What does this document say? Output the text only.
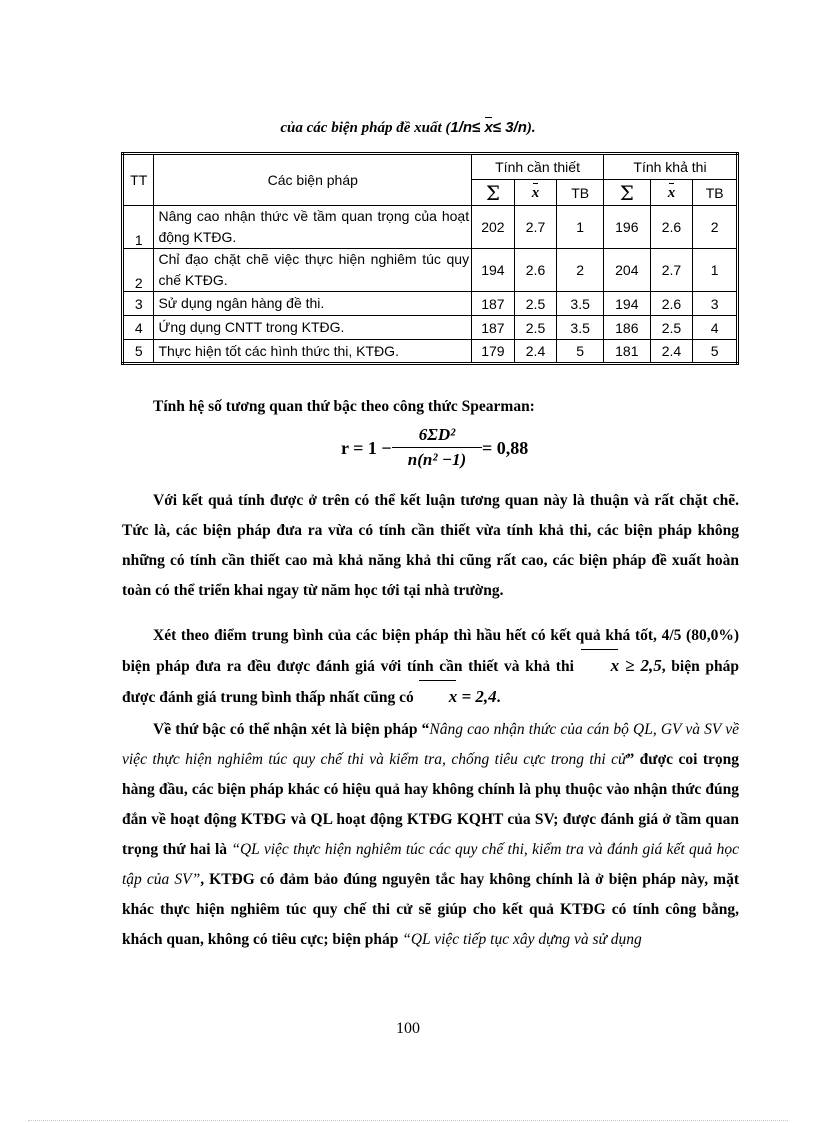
của các biện pháp đề xuất (1/n≤ x≤ 3/n).
TT	Các biện pháp	Tính cần thiết			Tính khả thi		
		Σ	x	TB	Σ	x	TB
1	Nâng cao nhận thức về tầm quan trọng của hoạt động KTĐG.	202	2.7	1	196	2.6	2
2	Chỉ đạo chặt chẽ việc thực hiện nghiêm túc quy chế KTĐG.	194	2.6	2	204	2.7	1
3	Sử dụng ngân hàng đề thi.	187	2.5	3.5	194	2.6	3
4	Ứng dụng CNTT trong KTĐG.	187	2.5	3.5	186	2.5	4
5	Thực hiện tốt các hình thức thi, KTĐG.	179	2.4	5	181	2.4	5

Tính hệ số tương quan thứ bậc theo công thức Spearman:

$r = 1 - \frac{\text{6ΣD²}}{\text{n(n² −1)}} = 0,88$

Với kết quả tính được ở trên có thể kết luận tương quan này là thuận và rất chặt chẽ. Tức là, các biện pháp đưa ra vừa có tính cần thiết vừa tính khả thi, các biện pháp không những có tính cần thiết cao mà khả năng khả thi cũng rất cao, các biện pháp đề xuất hoàn toàn có thể triển khai ngay từ năm học tới tại nhà trường.

Xét theo điểm trung bình của các biện pháp thì hầu hết có kết quả khá tốt, 4/5 (80,0%) biện pháp đưa ra đều được đánh giá với tính cần thiết và khả thi x ≥ 2,5, biện pháp được đánh giá trung bình thấp nhất cũng có x = 2,4.

Về thứ bậc có thể nhận xét là biện pháp “Nâng cao nhận thức của cán bộ QL, GV và SV về việc thực hiện nghiêm túc quy chế thi và kiểm tra, chống tiêu cực trong thi cử” được coi trọng hàng đầu, các biện pháp khác có hiệu quả hay không chính là phụ thuộc vào nhận thức đúng đắn về hoạt động KTĐG và QL hoạt động KTĐG KQHT của SV; được đánh giá ở tầm quan trọng thứ hai là “QL việc thực hiện nghiêm túc các quy chế thi, kiểm tra và đánh giá kết quả học tập của SV”, KTĐG có đảm bảo đúng nguyên tắc hay không chính là ở biện pháp này, mặt khác thực hiện nghiêm túc quy chế thi cử sẽ giúp cho kết quả KTĐG có tính công bằng, khách quan, không có tiêu cực; biện pháp “QL việc tiếp tục xây dựng và sử dụng

100
